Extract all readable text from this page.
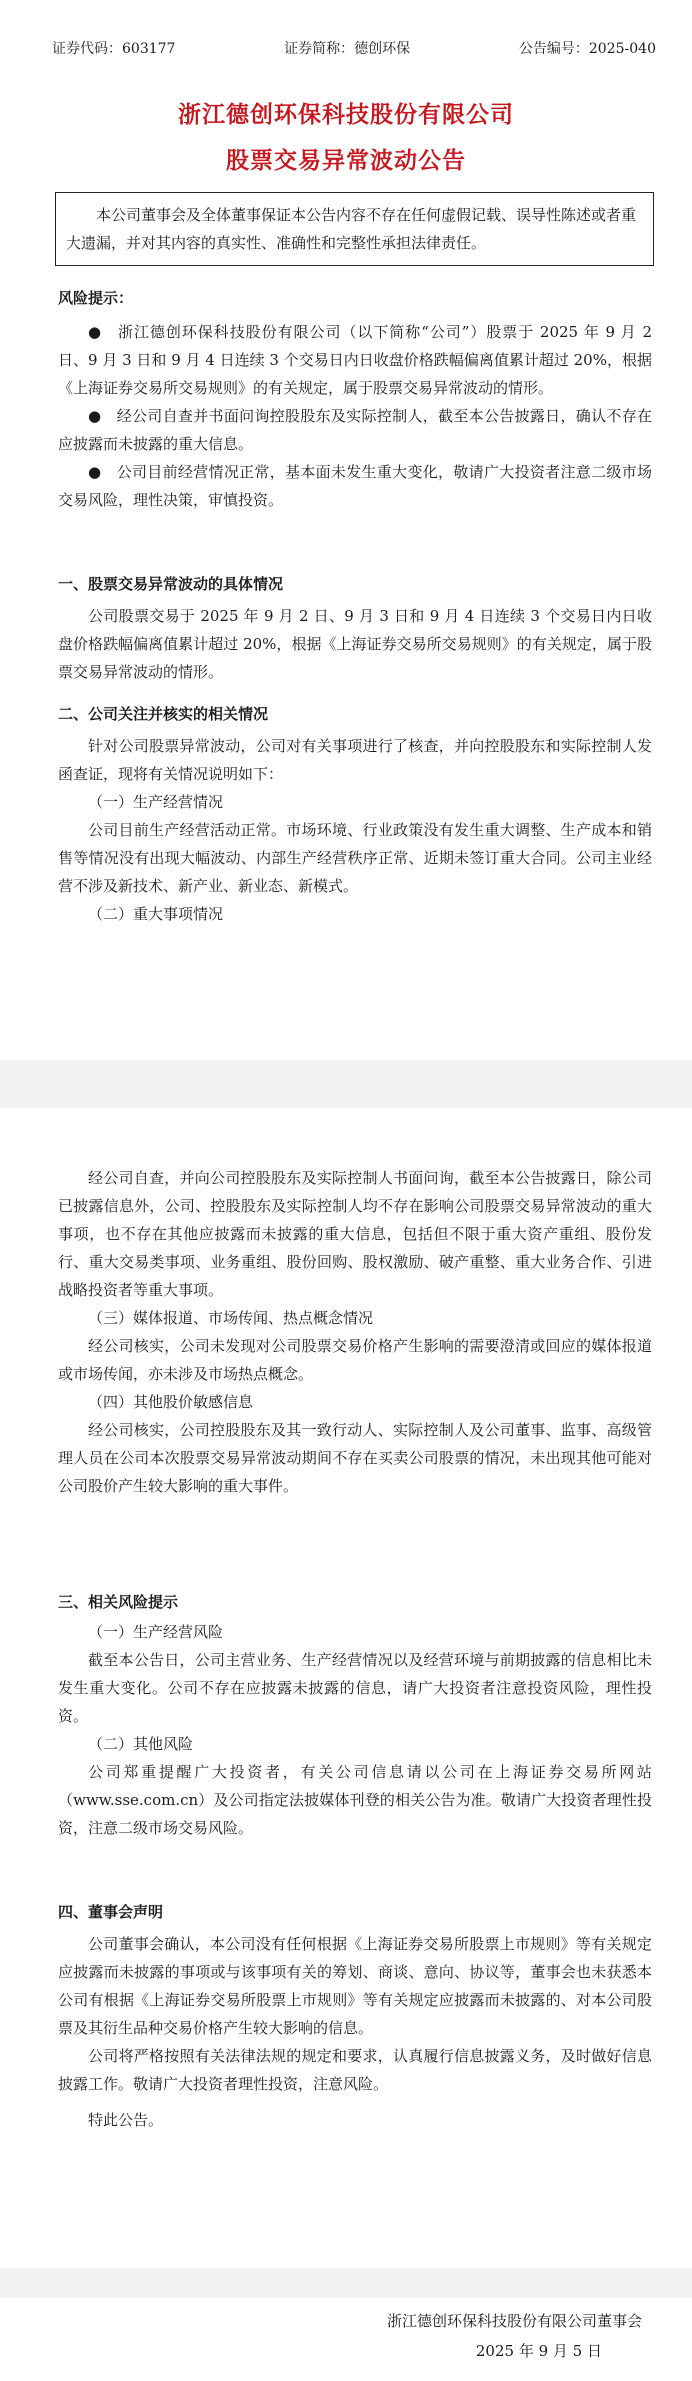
证券代码：603177	证券简称：德创环保	公告编号：2025-040
浙江德创环保科技股份有限公司
股票交易异常波动公告
本公司董事会及全体董事保证本公告内容不存在任何虚假记载、误导性陈述或者重大遗漏，并对其内容的真实性、准确性和完整性承担法律责任。

风险提示：

●　浙江德创环保科技股份有限公司（以下简称“公司”）股票于 2025 年 9 月 2 日、9 月 3 日和 9 月 4 日连续 3 个交易日内日收盘价格跌幅偏离值累计超过 20%，根据《上海证券交易所交易规则》的有关规定，属于股票交易异常波动的情形。

●　经公司自查并书面问询控股股东及实际控制人，截至本公告披露日，确认不存在应披露而未披露的重大信息。

●　公司目前经营情况正常，基本面未发生重大变化，敬请广大投资者注意二级市场交易风险，理性决策，审慎投资。

一、股票交易异常波动的具体情况

公司股票交易于 2025 年 9 月 2 日、9 月 3 日和 9 月 4 日连续 3 个交易日内日收盘价格跌幅偏离值累计超过 20%，根据《上海证券交易所交易规则》的有关规定，属于股票交易异常波动的情形。

二、公司关注并核实的相关情况

针对公司股票异常波动，公司对有关事项进行了核查，并向控股股东和实际控制人发函查证，现将有关情况说明如下：

（一）生产经营情况

公司目前生产经营活动正常。市场环境、行业政策没有发生重大调整、生产成本和销售等情况没有出现大幅波动、内部生产经营秩序正常、近期未签订重大合同。公司主业经营不涉及新技术、新产业、新业态、新模式。

（二）重大事项情况

经公司自查，并向公司控股股东及实际控制人书面问询，截至本公告披露日，除公司已披露信息外，公司、控股股东及实际控制人均不存在影响公司股票交易异常波动的重大事项，也不存在其他应披露而未披露的重大信息，包括但不限于重大资产重组、股份发行、重大交易类事项、业务重组、股份回购、股权激励、破产重整、重大业务合作、引进战略投资者等重大事项。

（三）媒体报道、市场传闻、热点概念情况

经公司核实，公司未发现对公司股票交易价格产生影响的需要澄清或回应的媒体报道或市场传闻，亦未涉及市场热点概念。

（四）其他股价敏感信息

经公司核实，公司控股股东及其一致行动人、实际控制人及公司董事、监事、高级管理人员在公司本次股票交易异常波动期间不存在买卖公司股票的情况，未出现其他可能对公司股价产生较大影响的重大事件。

三、相关风险提示

（一）生产经营风险

截至本公告日，公司主营业务、生产经营情况以及经营环境与前期披露的信息相比未发生重大变化。公司不存在应披露未披露的信息，请广大投资者注意投资风险，理性投资。

（二）其他风险

公司郑重提醒广大投资者，有关公司信息请以公司在上海证券交易所网站（www.sse.com.cn）及公司指定法披媒体刊登的相关公告为准。敬请广大投资者理性投资，注意二级市场交易风险。

四、董事会声明

公司董事会确认，本公司没有任何根据《上海证券交易所股票上市规则》等有关规定应披露而未披露的事项或与该事项有关的筹划、商谈、意向、协议等，董事会也未获悉本公司有根据《上海证券交易所股票上市规则》等有关规定应披露而未披露的、对本公司股票及其衍生品种交易价格产生较大影响的信息。

公司将严格按照有关法律法规的规定和要求，认真履行信息披露义务，及时做好信息披露工作。敬请广大投资者理性投资，注意风险。

特此公告。

浙江德创环保科技股份有限公司董事会
2025 年 9 月 5 日
